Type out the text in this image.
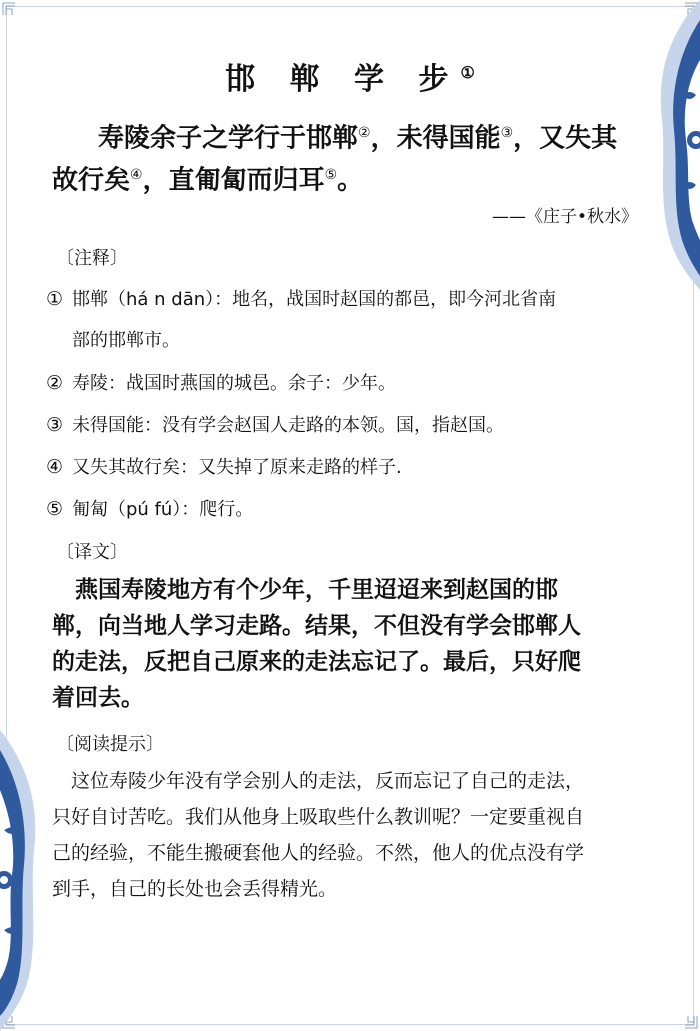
邯 郸 学 步①
寿陵余子之学行于邯郸②，未得国能③，又失其
故行矣④，直匍匐而归耳⑤。
——《庄子•秋水》
〔注释〕
① 邯郸（há n dān）：地名，战国时赵国的都邑，即今河北省南
部的邯郸市。
② 寿陵：战国时燕国的城邑。余子：少年。
③ 未得国能：没有学会赵国人走路的本领。国，指赵国。
④ 又失其故行矣：又失掉了原来走路的样子.
⑤ 匍匐（pú fú）：爬行。
〔译文〕
　燕国寿陵地方有个少年，千里迢迢来到赵国的邯
郸，向当地人学习走路。结果，不但没有学会邯郸人
的走法，反把自己原来的走法忘记了。最后，只好爬
着回去。
〔阅读提示〕
　这位寿陵少年没有学会别人的走法，反而忘记了自己的走法，
只好自讨苦吃。我们从他身上吸取些什么教训呢？一定要重视自
己的经验，不能生搬硬套他人的经验。不然，他人的优点没有学
到手，自己的长处也会丢得精光。
